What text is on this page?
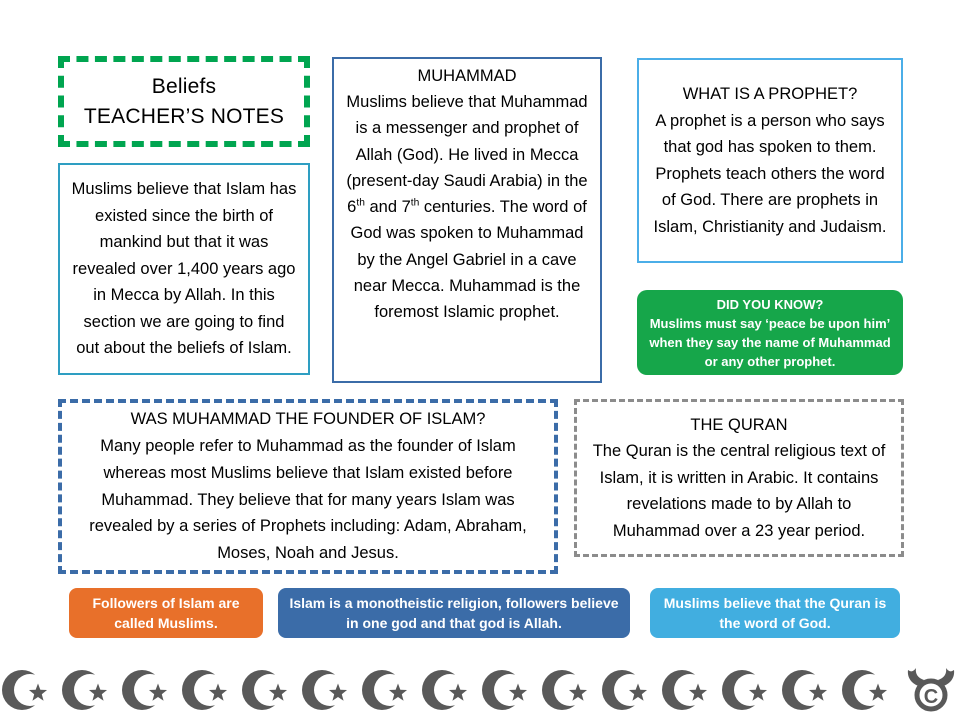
Beliefs
TEACHER’S NOTES
Muslims believe that Islam has existed since the birth of mankind but that it was revealed over 1,400 years ago in Mecca by Allah. In this section we are going to find out about the beliefs of Islam.
MUHAMMAD
Muslims believe that Muhammad is a messenger and prophet of Allah (God). He lived in Mecca (present-day Saudi Arabia) in the 6th and 7th centuries. The word of God was spoken to Muhammad by the Angel Gabriel in a cave near Mecca. Muhammad is the foremost Islamic prophet.
WHAT IS A PROPHET?
A prophet is a person who says that god has spoken to them. Prophets teach others the word of God. There are prophets in Islam, Christianity and Judaism.
DID YOU KNOW?
Muslims must say ‘peace be upon him’ when they say the name of Muhammad or any other prophet.
WAS MUHAMMAD THE FOUNDER OF ISLAM?
Many people refer to Muhammad as the founder of Islam whereas most Muslims believe that Islam existed before Muhammad. They believe that for many years Islam was revealed by a series of Prophets including: Adam, Abraham, Moses, Noah and Jesus.
THE QURAN
The Quran is the central religious text of Islam, it is written in Arabic. It contains revelations made to by Allah to Muhammad over a 23 year period.
Followers of Islam are called Muslims.
Islam is a monotheistic religion, followers believe in one god and that god is Allah.
Muslims believe that the Quran is the word of God.
C
